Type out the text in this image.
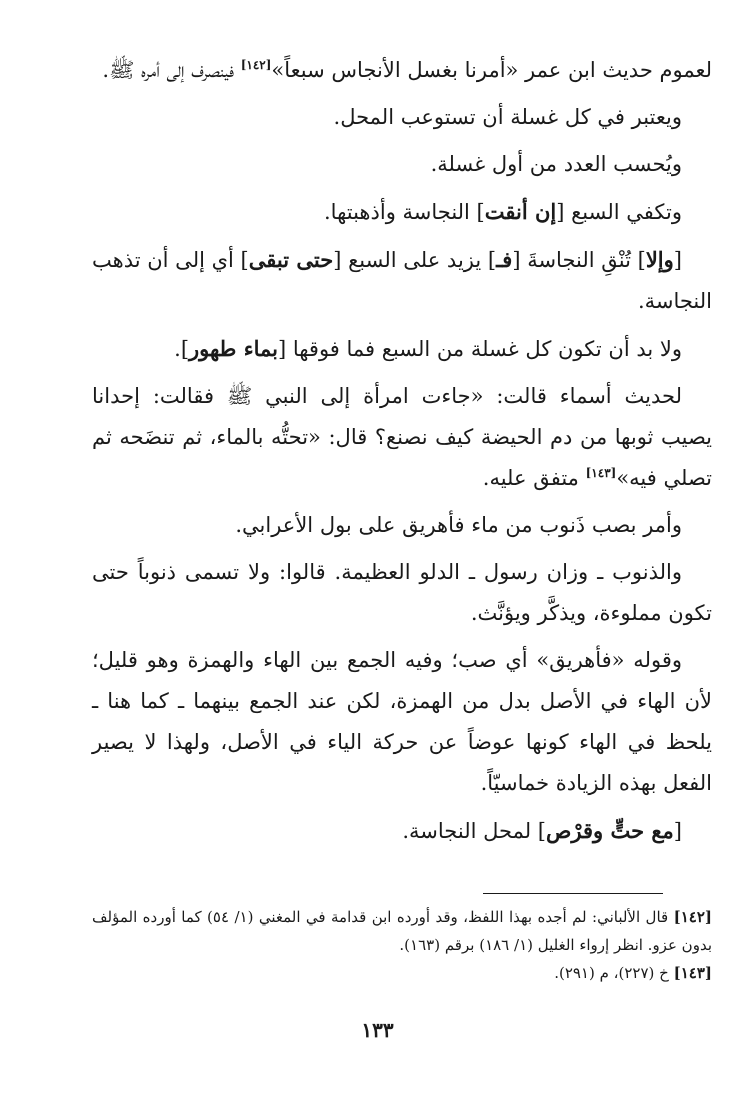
لعموم حديث ابن عمر «أمرنا بغسل الأنجاس سبعاً»[١٤٢] فينصرف إلى أمره ﷺ.

ويعتبر في كل غسلة أن تستوعب المحل.

ويُحسب العدد من أول غسلة.

وتكفي السبع [إن أنقت] النجاسة وأذهبتها.

[وإلا] تُنْقِ النجاسةَ [فـ] يزيد على السبع [حتى تبقى] أي إلى أن تذهب النجاسة.

ولا بد أن تكون كل غسلة من السبع فما فوقها [بماء طهور].

لحديث أسماء قالت: «جاءت امرأة إلى النبي ﷺ فقالت: إحدانا يصيب ثوبها من دم الحيضة كيف نصنع؟ قال: «تحتُّه بالماء، ثم تنضَحه ثم تصلي فيه»[١٤٣] متفق عليه.

وأمر بصب ذَنوب من ماء فأهريق على بول الأعرابي.

والذنوب ـ وزان رسول ـ الدلو العظيمة. قالوا: ولا تسمى ذنوباً حتى تكون مملوءة، ويذكَّر ويؤنَّث.

وقوله «فأهريق» أي صب؛ وفيه الجمع بين الهاء والهمزة وهو قليل؛ لأن الهاء في الأصل بدل من الهمزة، لكن عند الجمع بينهما ـ كما هنا ـ يلحظ في الهاء كونها عوضاً عن حركة الياء في الأصل، ولهذا لا يصير الفعل بهذه الزيادة خماسيّاً.

[مع حتٍّ وقرْص] لمحل النجاسة.

[١٤٢] قال الألباني: لم أجده بهذا اللفظ، وقد أورده ابن قدامة في المغني (١/ ٥٤) كما أورده المؤلف بدون عزو. انظر إرواء الغليل (١/ ١٨٦) برقم (١٦٣).

[١٤٣] خ (٢٢٧)، م (٢٩١).

١٣٣
